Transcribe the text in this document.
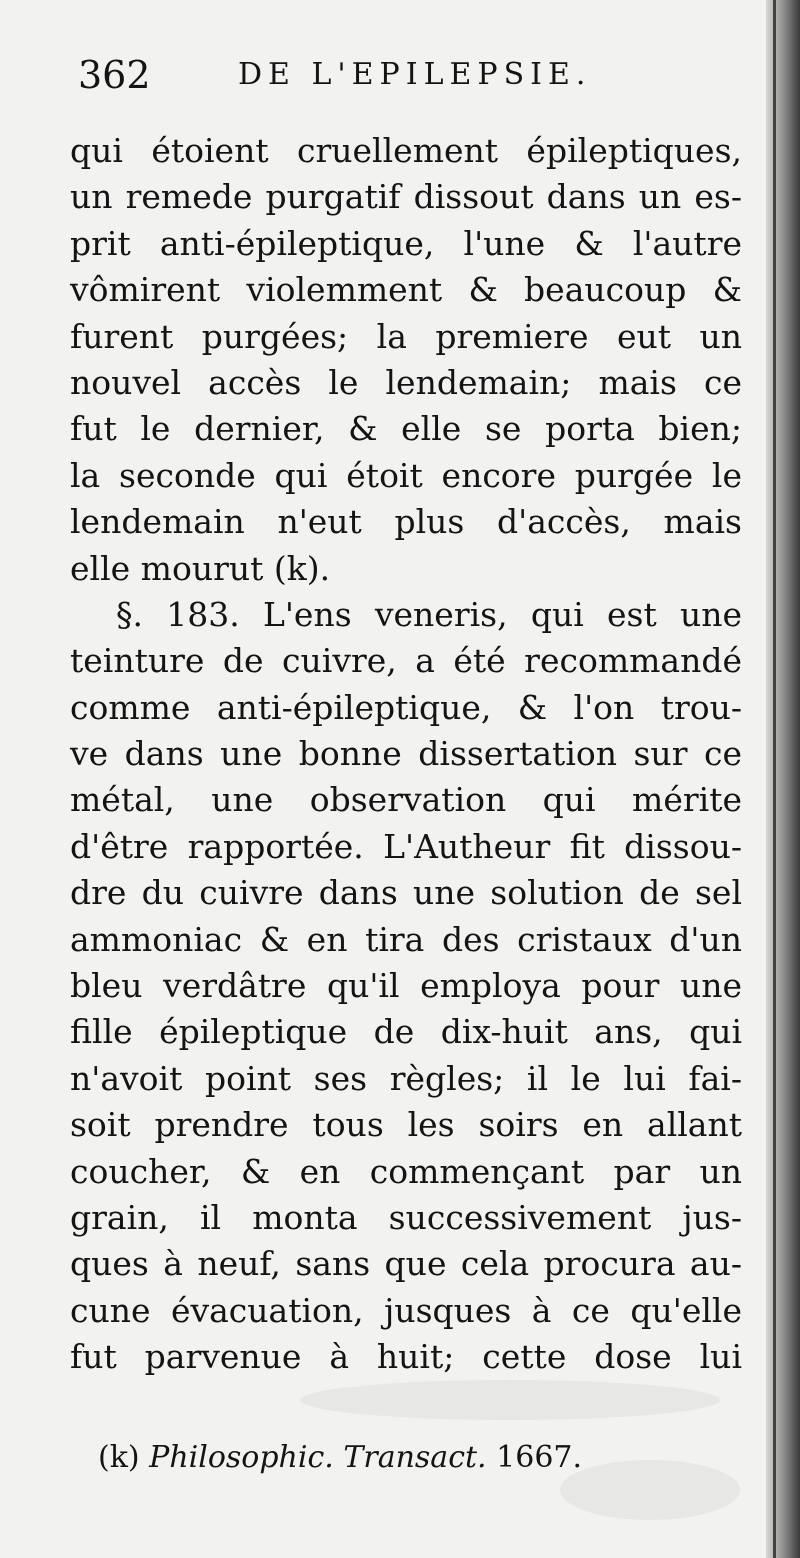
362	DE L'EPILEPSIE.
qui étoient cruellement épileptiques,
un remede purgatif dissout dans un es-
prit anti-épileptique, l'une & l'autre
vômirent violemment & beaucoup &
furent purgées; la premiere eut un
nouvel accès le lendemain; mais ce
fut le dernier, & elle se porta bien;
la seconde qui étoit encore purgée le
lendemain n'eut plus d'accès, mais
elle mourut (k).
§. 183. L'ens veneris, qui est une
teinture de cuivre, a été recommandé
comme anti-épileptique, & l'on trou-
ve dans une bonne dissertation sur ce
métal, une observation qui mérite
d'être rapportée. L'Autheur fit dissou-
dre du cuivre dans une solution de sel
ammoniac & en tira des cristaux d'un
bleu verdâtre qu'il employa pour une
fille épileptique de dix-huit ans, qui
n'avoit point ses règles; il le lui fai-
soit prendre tous les soirs en allant
coucher, & en commençant par un
grain, il monta successivement jus-
ques à neuf, sans que cela procura au-
cune évacuation, jusques à ce qu'elle
fut parvenue à huit; cette dose lui
(k) Philosophic. Transact. 1667.
